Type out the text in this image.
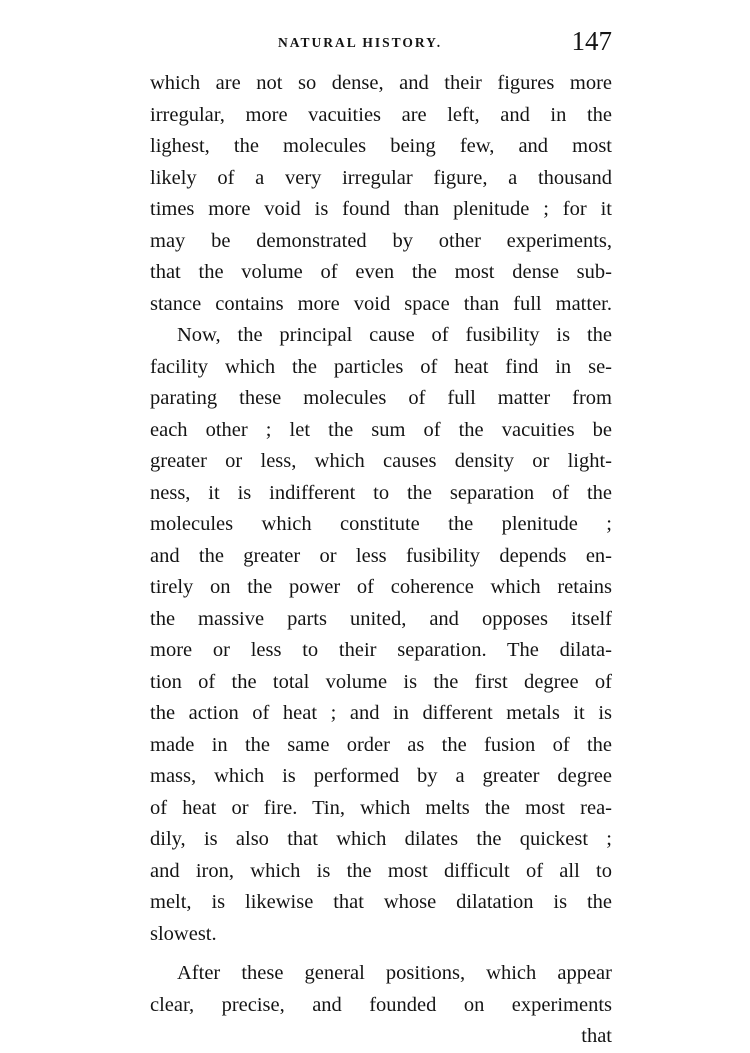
NATURAL HISTORY.	147
which are not so dense, and their figures more
irregular, more vacuities are left, and in the
lighest, the molecules being few, and most
likely of a very irregular figure, a thousand
times more void is found than plenitude ; for it
may be demonstrated by other experiments,
that the volume of even the most dense sub-
stance contains more void space than full matter.
Now, the principal cause of fusibility is the
facility which the particles of heat find in se-
parating these molecules of full matter from
each other ; let the sum of the vacuities be
greater or less, which causes density or light-
ness, it is indifferent to the separation of the
molecules which constitute the plenitude ;
and the greater or less fusibility depends en-
tirely on the power of coherence which retains
the massive parts united, and opposes itself
more or less to their separation. The dilata-
tion of the total volume is the first degree of
the action of heat ; and in different metals it is
made in the same order as the fusion of the
mass, which is performed by a greater degree
of heat or fire. Tin, which melts the most rea-
dily, is also that which dilates the quickest ;
and iron, which is the most difficult of all to
melt, is likewise that whose dilatation is the
slowest.
After these general positions, which appear
clear, precise, and founded on experiments
that
